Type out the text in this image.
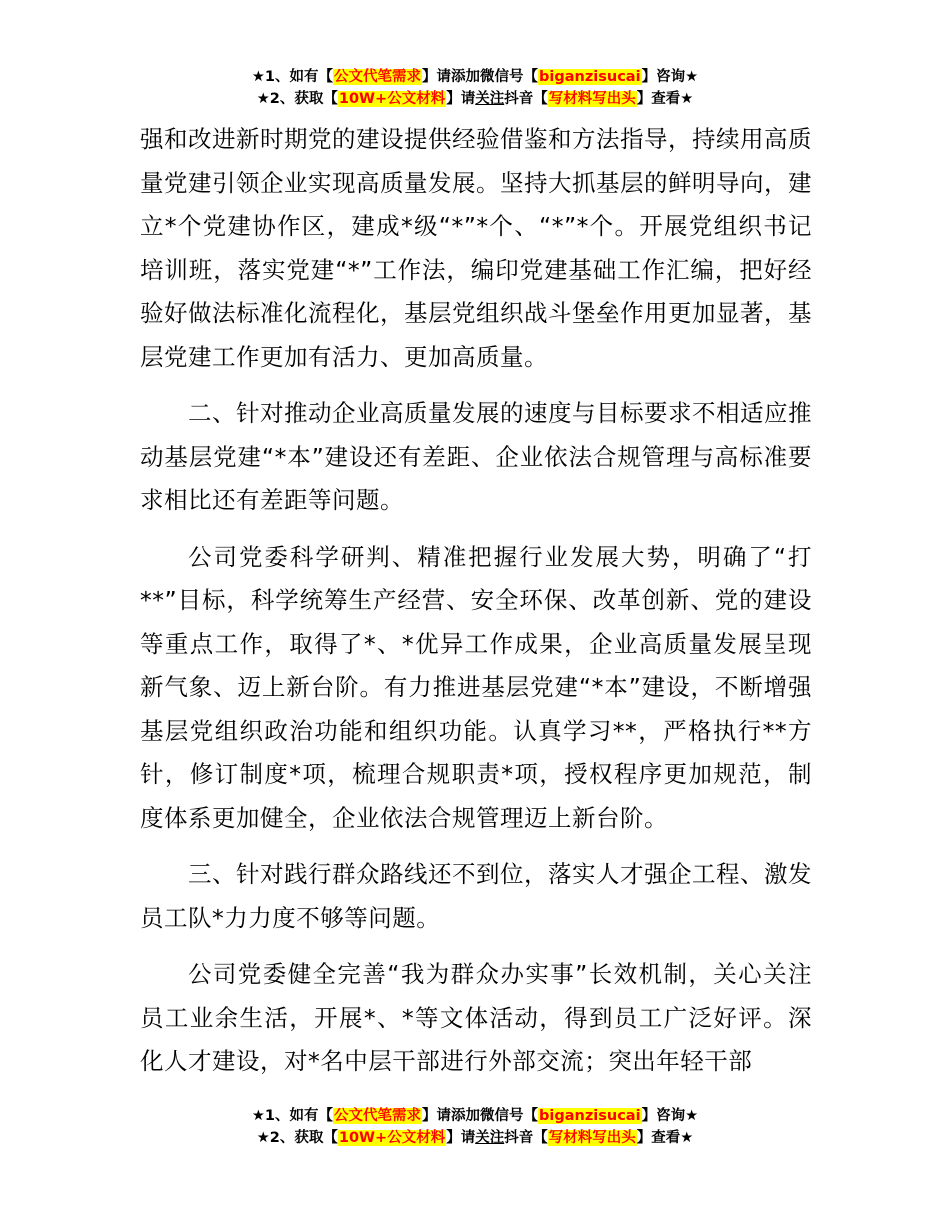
★1、如有【公文代笔需求】请添加微信号【biganzisucai】咨询★
★2、获取【10W+公文材料】请关注抖音【写材料写出头】查看★

强和改进新时期党的建设提供经验借鉴和方法指导，持续用高质量党建引领企业实现高质量发展。坚持大抓基层的鲜明导向，建立*个党建协作区，建成*级“*”*个、“*”*个。开展党组织书记培训班，落实党建“*”工作法，编印党建基础工作汇编，把好经验好做法标准化流程化，基层党组织战斗堡垒作用更加显著，基层党建工作更加有活力、更加高质量。

二、针对推动企业高质量发展的速度与目标要求不相适应推动基层党建“*本”建设还有差距、企业依法合规管理与高标准要求相比还有差距等问题。

公司党委科学研判、精准把握行业发展大势，明确了“打**”目标，科学统筹生产经营、安全环保、改革创新、党的建设等重点工作，取得了*、*优异工作成果，企业高质量发展呈现新气象、迈上新台阶。有力推进基层党建“*本”建设，不断增强基层党组织政治功能和组织功能。认真学习**，严格执行**方针，修订制度*项，梳理合规职责*项，授权程序更加规范，制度体系更加健全，企业依法合规管理迈上新台阶。

三、针对践行群众路线还不到位，落实人才强企工程、激发员工队*力力度不够等问题。

公司党委健全完善“我为群众办实事”长效机制，关心关注员工业余生活，开展*、*等文体活动，得到员工广泛好评。深化人才建设，对*名中层干部进行外部交流；突出年轻干部

★1、如有【公文代笔需求】请添加微信号【biganzisucai】咨询★
★2、获取【10W+公文材料】请关注抖音【写材料写出头】查看★
